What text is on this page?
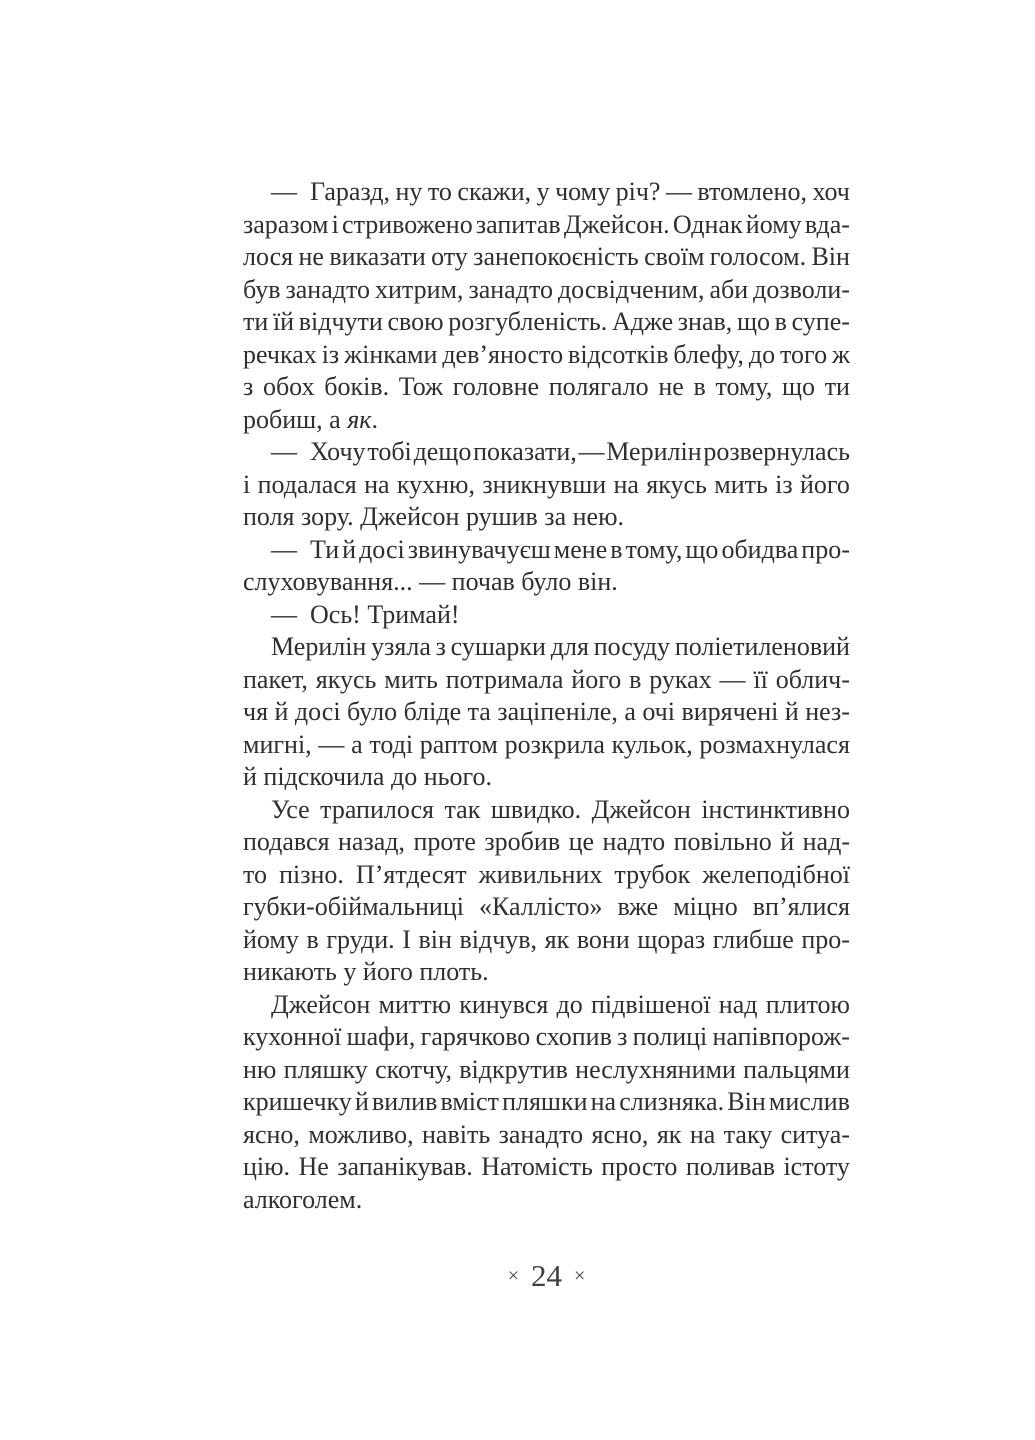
— Гаразд, ну то скажи, у чому річ? — втомлено, хоч
заразом і стривожено запитав Джейсон. Однак йому вда-
лося не виказати оту занепокоєність своїм голосом. Він
був занадто хитрим, занадто досвідченим, аби дозволи-
ти їй відчути свою розгубленість. Адже знав, що в супе-
речках із жінками дев’яносто відсотків блефу, до того ж
з обох боків. Тож головне полягало не в тому, що ти
робиш, а як.
— Хочу тобі дещо показати, — Мерилін розвернулась
і подалася на кухню, зникнувши на якусь мить із його
поля зору. Джейсон рушив за нею.
— Ти й досі звинувачуєш мене в тому, що обидва про-
слуховування... — почав було він.
— Ось! Тримай!
Мерилін узяла з сушарки для посуду поліетиленовий
пакет, якусь мить потримала його в руках — її облич-
чя й досі було бліде та заціпеніле, а очі вирячені й нез-
мигні, — а тоді раптом розкрила кульок, розмахнулася
й підскочила до нього.
Усе трапилося так швидко. Джейсон інстинктивно
подався назад, проте зробив це надто повільно й над-
то пізно. П’ятдесят живильних трубок желеподібної
губки-обіймальниці «Каллісто» вже міцно вп’ялися
йому в груди. І він відчув, як вони щораз глибше про-
никають у його плоть.
Джейсон миттю кинувся до підвішеної над плитою
кухонної шафи, гарячково схопив з полиці напівпорож-
ню пляшку скотчу, відкрутив неслухняними пальцями
кришечку й вилив вміст пляшки на слизняка. Він мислив
ясно, можливо, навіть занадто ясно, як на таку ситуа-
цію. Не запанікував. Натомість просто поливав істоту
алкоголем.
× 24 ×
